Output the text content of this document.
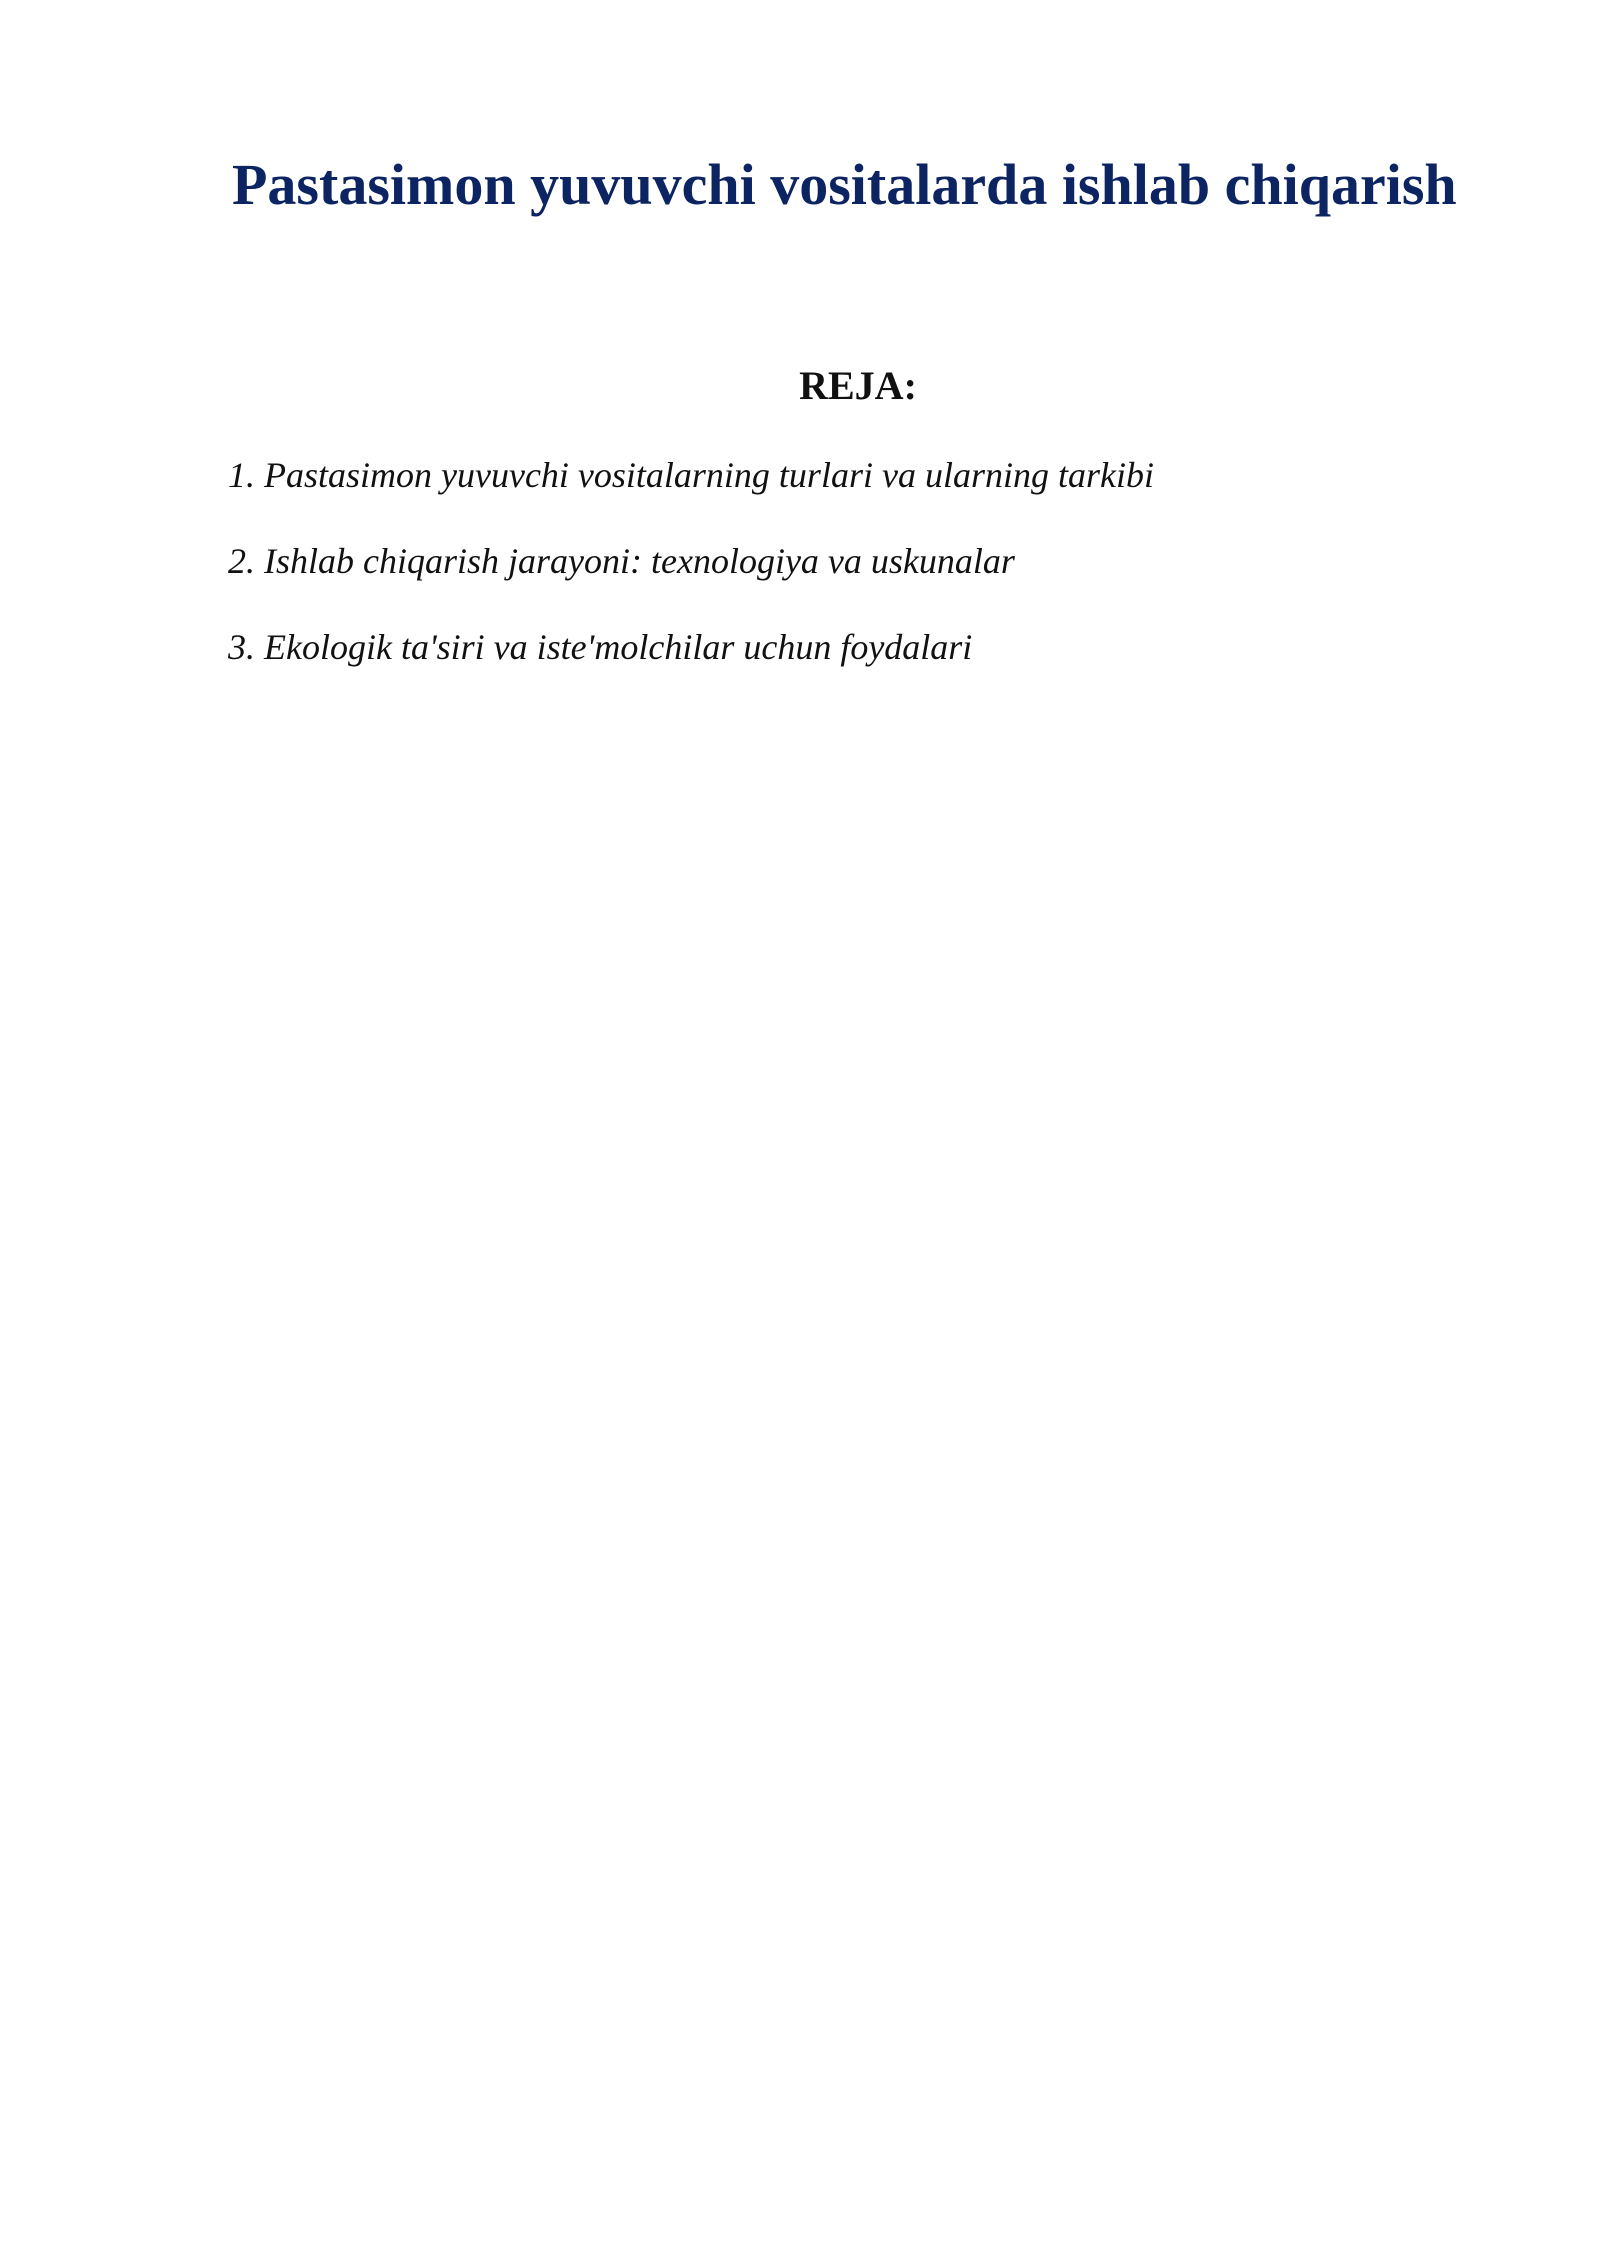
Pastasimon yuvuvchi vositalarda ishlab chiqarish
REJA:
1. Pastasimon yuvuvchi vositalarning turlari va ularning tarkibi
2. Ishlab chiqarish jarayoni: texnologiya va uskunalar
3. Ekologik ta'siri va iste'molchilar uchun foydalari
